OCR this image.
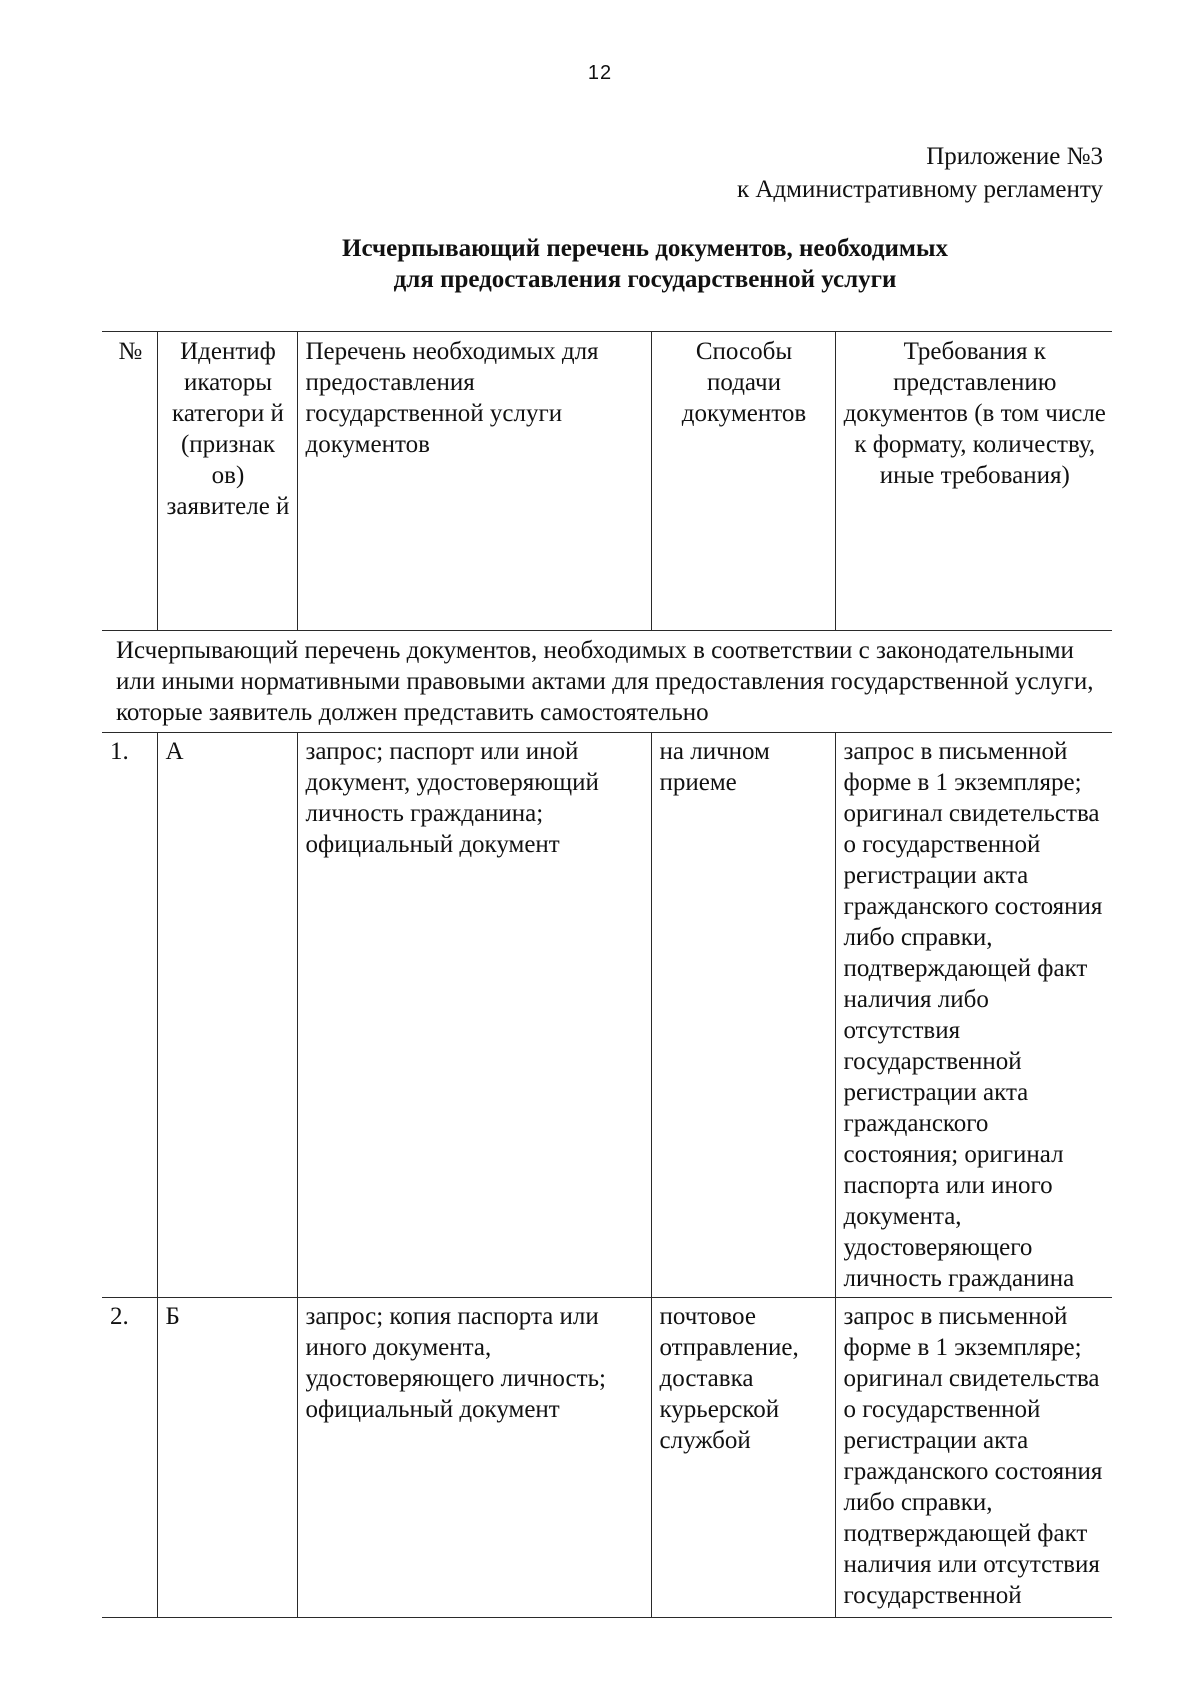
12
Приложение №3
к Административному регламенту
Исчерпывающий перечень документов, необходимых
для предоставления государственной услуги
№	Идентиф икаторы категори й (признак ов) заявителе й	Перечень необходимых для предоставления государственной услуги документов	Способы подачи документов	Требования к представлению документов (в том числе к формату, количеству, иные требования)
Исчерпывающий перечень документов, необходимых в соответствии с законодательными или иными нормативными правовыми актами для предоставления государственной услуги, которые заявитель должен представить самостоятельно				
1.	А	запрос; паспорт или иной документ, удостоверяющий личность гражданина; официальный документ	на личном приеме	запрос в письменной форме в 1 экземпляре; оригинал свидетельства о государственной регистрации акта гражданского состояния либо справки, подтверждающей факт наличия либо отсутствия государственной регистрации акта гражданского состояния; оригинал паспорта или иного документа, удостоверяющего личность гражданина
2.	Б	запрос; копия паспорта или иного документа, удостоверяющего личность; официальный документ	почтовое отправление, доставка курьерской службой	запрос в письменной форме в 1 экземпляре; оригинал свидетельства о государственной регистрации акта гражданского состояния либо справки, подтверждающей факт наличия или отсутствия государственной
